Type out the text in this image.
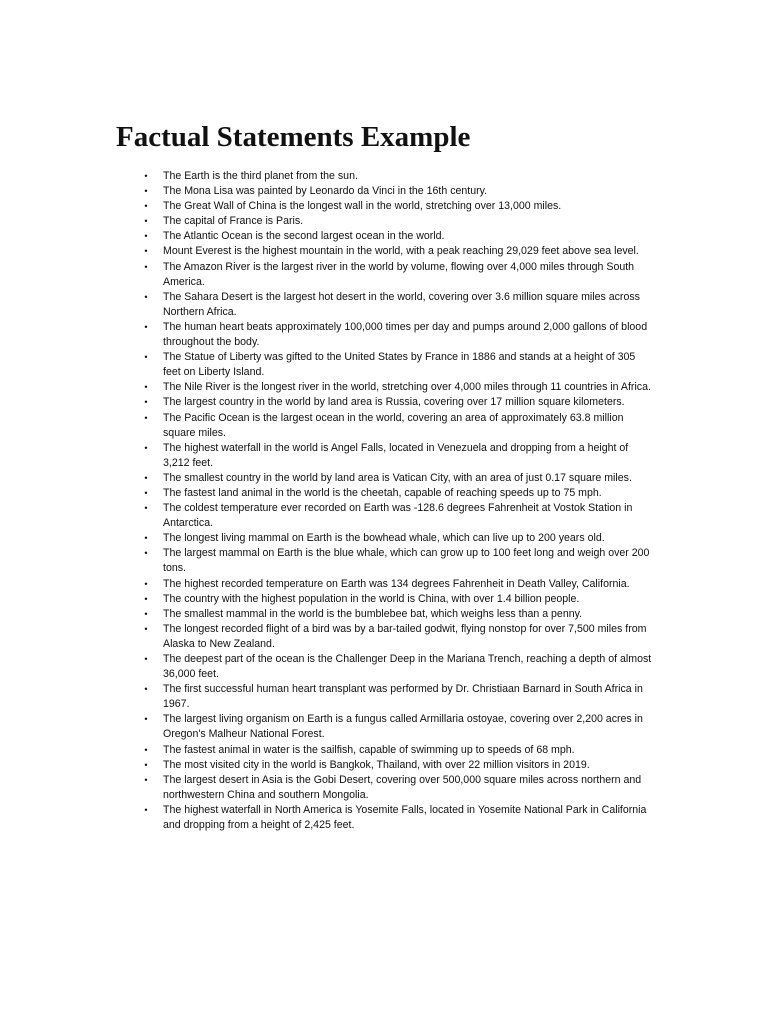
Factual Statements Example
•	The Earth is the third planet from the sun.
•	The Mona Lisa was painted by Leonardo da Vinci in the 16th century.
•	The Great Wall of China is the longest wall in the world, stretching over 13,000 miles.
•	The capital of France is Paris.
•	The Atlantic Ocean is the second largest ocean in the world.
•	Mount Everest is the highest mountain in the world, with a peak reaching 29,029 feet above sea level.
•	The Amazon River is the largest river in the world by volume, flowing over 4,000 miles through South America.
•	The Sahara Desert is the largest hot desert in the world, covering over 3.6 million square miles across Northern Africa.
•	The human heart beats approximately 100,000 times per day and pumps around 2,000 gallons of blood throughout the body.
•	The Statue of Liberty was gifted to the United States by France in 1886 and stands at a height of 305 feet on Liberty Island.
•	The Nile River is the longest river in the world, stretching over 4,000 miles through 11 countries in Africa.
•	The largest country in the world by land area is Russia, covering over 17 million square kilometers.
•	The Pacific Ocean is the largest ocean in the world, covering an area of approximately 63.8 million square miles.
•	The highest waterfall in the world is Angel Falls, located in Venezuela and dropping from a height of 3,212 feet.
•	The smallest country in the world by land area is Vatican City, with an area of just 0.17 square miles.
•	The fastest land animal in the world is the cheetah, capable of reaching speeds up to 75 mph.
•	The coldest temperature ever recorded on Earth was -128.6 degrees Fahrenheit at Vostok Station in Antarctica.
•	The longest living mammal on Earth is the bowhead whale, which can live up to 200 years old.
•	The largest mammal on Earth is the blue whale, which can grow up to 100 feet long and weigh over 200 tons.
•	The highest recorded temperature on Earth was 134 degrees Fahrenheit in Death Valley, California.
•	The country with the highest population in the world is China, with over 1.4 billion people.
•	The smallest mammal in the world is the bumblebee bat, which weighs less than a penny.
•	The longest recorded flight of a bird was by a bar-tailed godwit, flying nonstop for over 7,500 miles from Alaska to New Zealand.
•	The deepest part of the ocean is the Challenger Deep in the Mariana Trench, reaching a depth of almost 36,000 feet.
•	The first successful human heart transplant was performed by Dr. Christiaan Barnard in South Africa in 1967.
•	The largest living organism on Earth is a fungus called Armillaria ostoyae, covering over 2,200 acres in Oregon's Malheur National Forest.
•	The fastest animal in water is the sailfish, capable of swimming up to speeds of 68 mph.
•	The most visited city in the world is Bangkok, Thailand, with over 22 million visitors in 2019.
•	The largest desert in Asia is the Gobi Desert, covering over 500,000 square miles across northern and northwestern China and southern Mongolia.
•	The highest waterfall in North America is Yosemite Falls, located in Yosemite National Park in California and dropping from a height of 2,425 feet.
